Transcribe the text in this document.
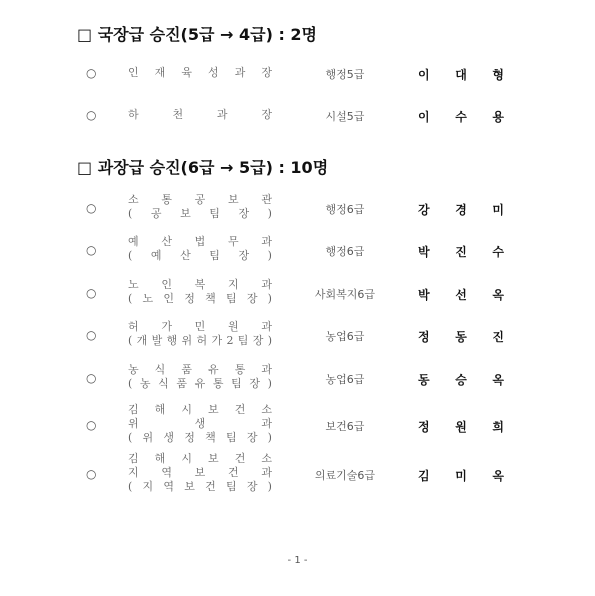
□ 국장급 승진(5급 → 4급) : 2명
○	인 재 육 성 과 장	행정5급	이 대 형
○	하	천	과	장	시설5급	이 수 용
□ 과장급 승진(6급 → 5급) : 10명
○
소 통 공 보 관
( 공 보 팀 장 )	행정6급	강 경 미
○
예 산 법 무 과
( 예 산 팀 장 )	행정6급	박 진 수
○
노 인 복 지 과
( 노 인 정 책 팀 장 )	사회복지6급	박 선 옥
○
허 가 민 원 과
( 개 발 행 위 허 가 2 팀 장 )	농업6급	정 동 진
○
농 식 품 유 통 과
( 농 식 품 유 통 팀 장 )	농업6급	동 승 옥
○
김 해 시 보 건 소
위	생	과
( 위 생 정 책 팀 장 )
보건6급	정 원 희
○
김 해 시 보 건 소
지 역 보 건 과
( 지 역 보 건 팀 장 )
의료기술6급	김 미 옥
- 1 -
